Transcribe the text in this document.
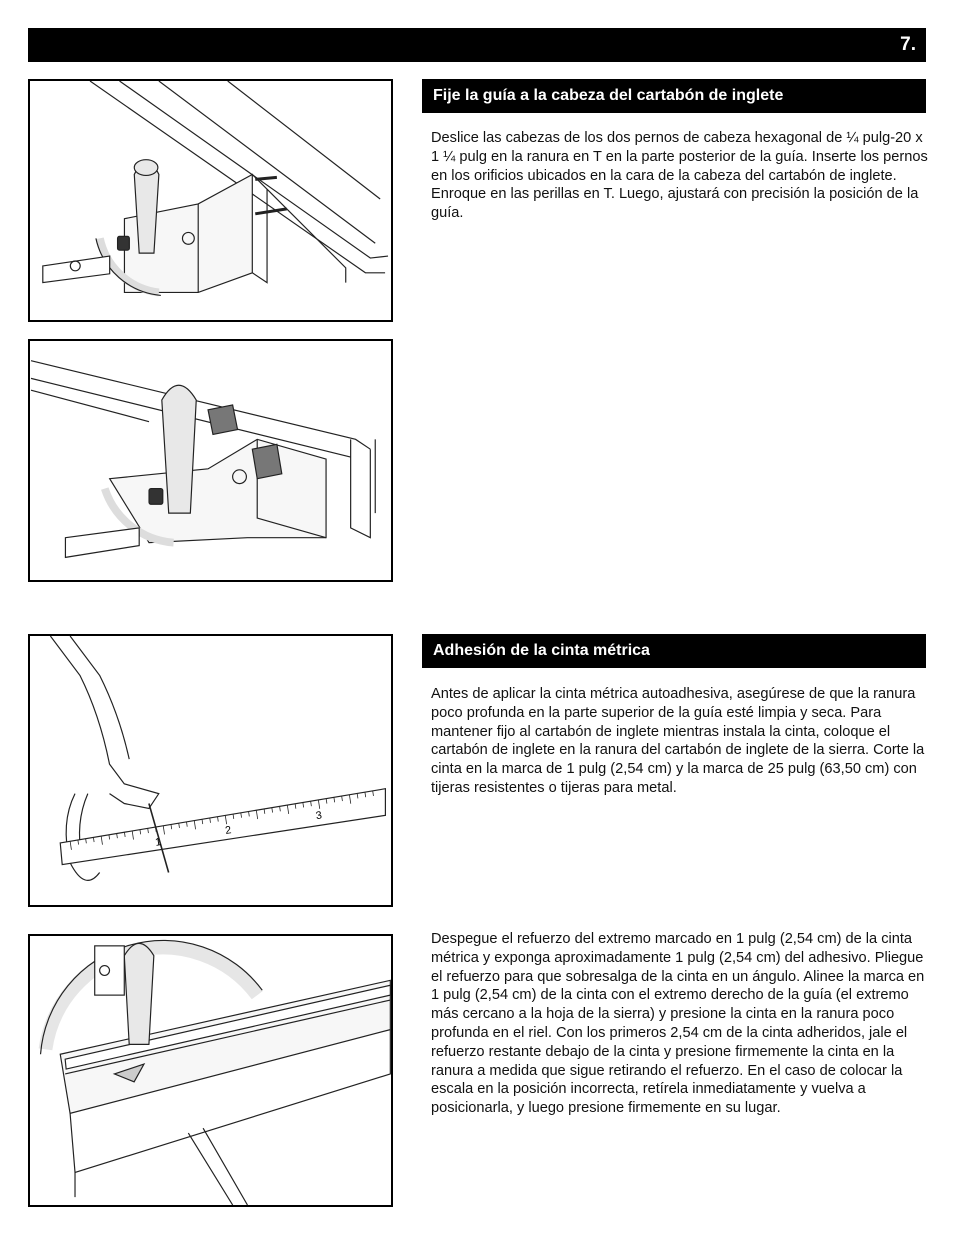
7.
1
2
3
Fije la guía a la cabeza del cartabón de inglete

Deslice las cabezas de los dos pernos de cabeza hexagonal de ¼ pulg-20 x 1 ¼ pulg en la ranura en T en la parte posterior de la guía. Inserte los pernos en los orificios ubicados en la cara de la cabeza del cartabón de inglete. Enroque en las perillas en T. Luego, ajustará con precisión la posición de la guía.

Adhesión de la cinta métrica

Antes de aplicar la cinta métrica autoadhesiva, asegúrese de que la ranura poco profunda en la parte superior de la guía esté limpia y seca. Para mantener fijo al cartabón de inglete mientras instala la cinta, coloque el cartabón de inglete en la ranura del cartabón de inglete de la sierra. Corte la cinta en la marca de 1 pulg (2,54 cm) y la marca de 25 pulg (63,50 cm) con tijeras resistentes o tijeras para metal.

Despegue el refuerzo del extremo marcado en 1 pulg (2,54 cm) de la cinta métrica y exponga aproximadamente 1 pulg (2,54 cm) del adhesivo. Pliegue el refuerzo para que sobresalga de la cinta en un ángulo. Alinee la marca en 1 pulg (2,54 cm) de la cinta con el extremo derecho de la guía (el extremo más cercano a la hoja de la sierra) y presione la cinta en la ranura poco profunda en el riel. Con los primeros 2,54 cm de la cinta adheridos, jale el refuerzo restante debajo de la cinta y presione firmemente la cinta en la ranura a medida que sigue retirando el refuerzo. En el caso de colocar la escala en la posición incorrecta, retírela inmediatamente y vuelva a posicionarla, y luego presione firmemente en su lugar.
